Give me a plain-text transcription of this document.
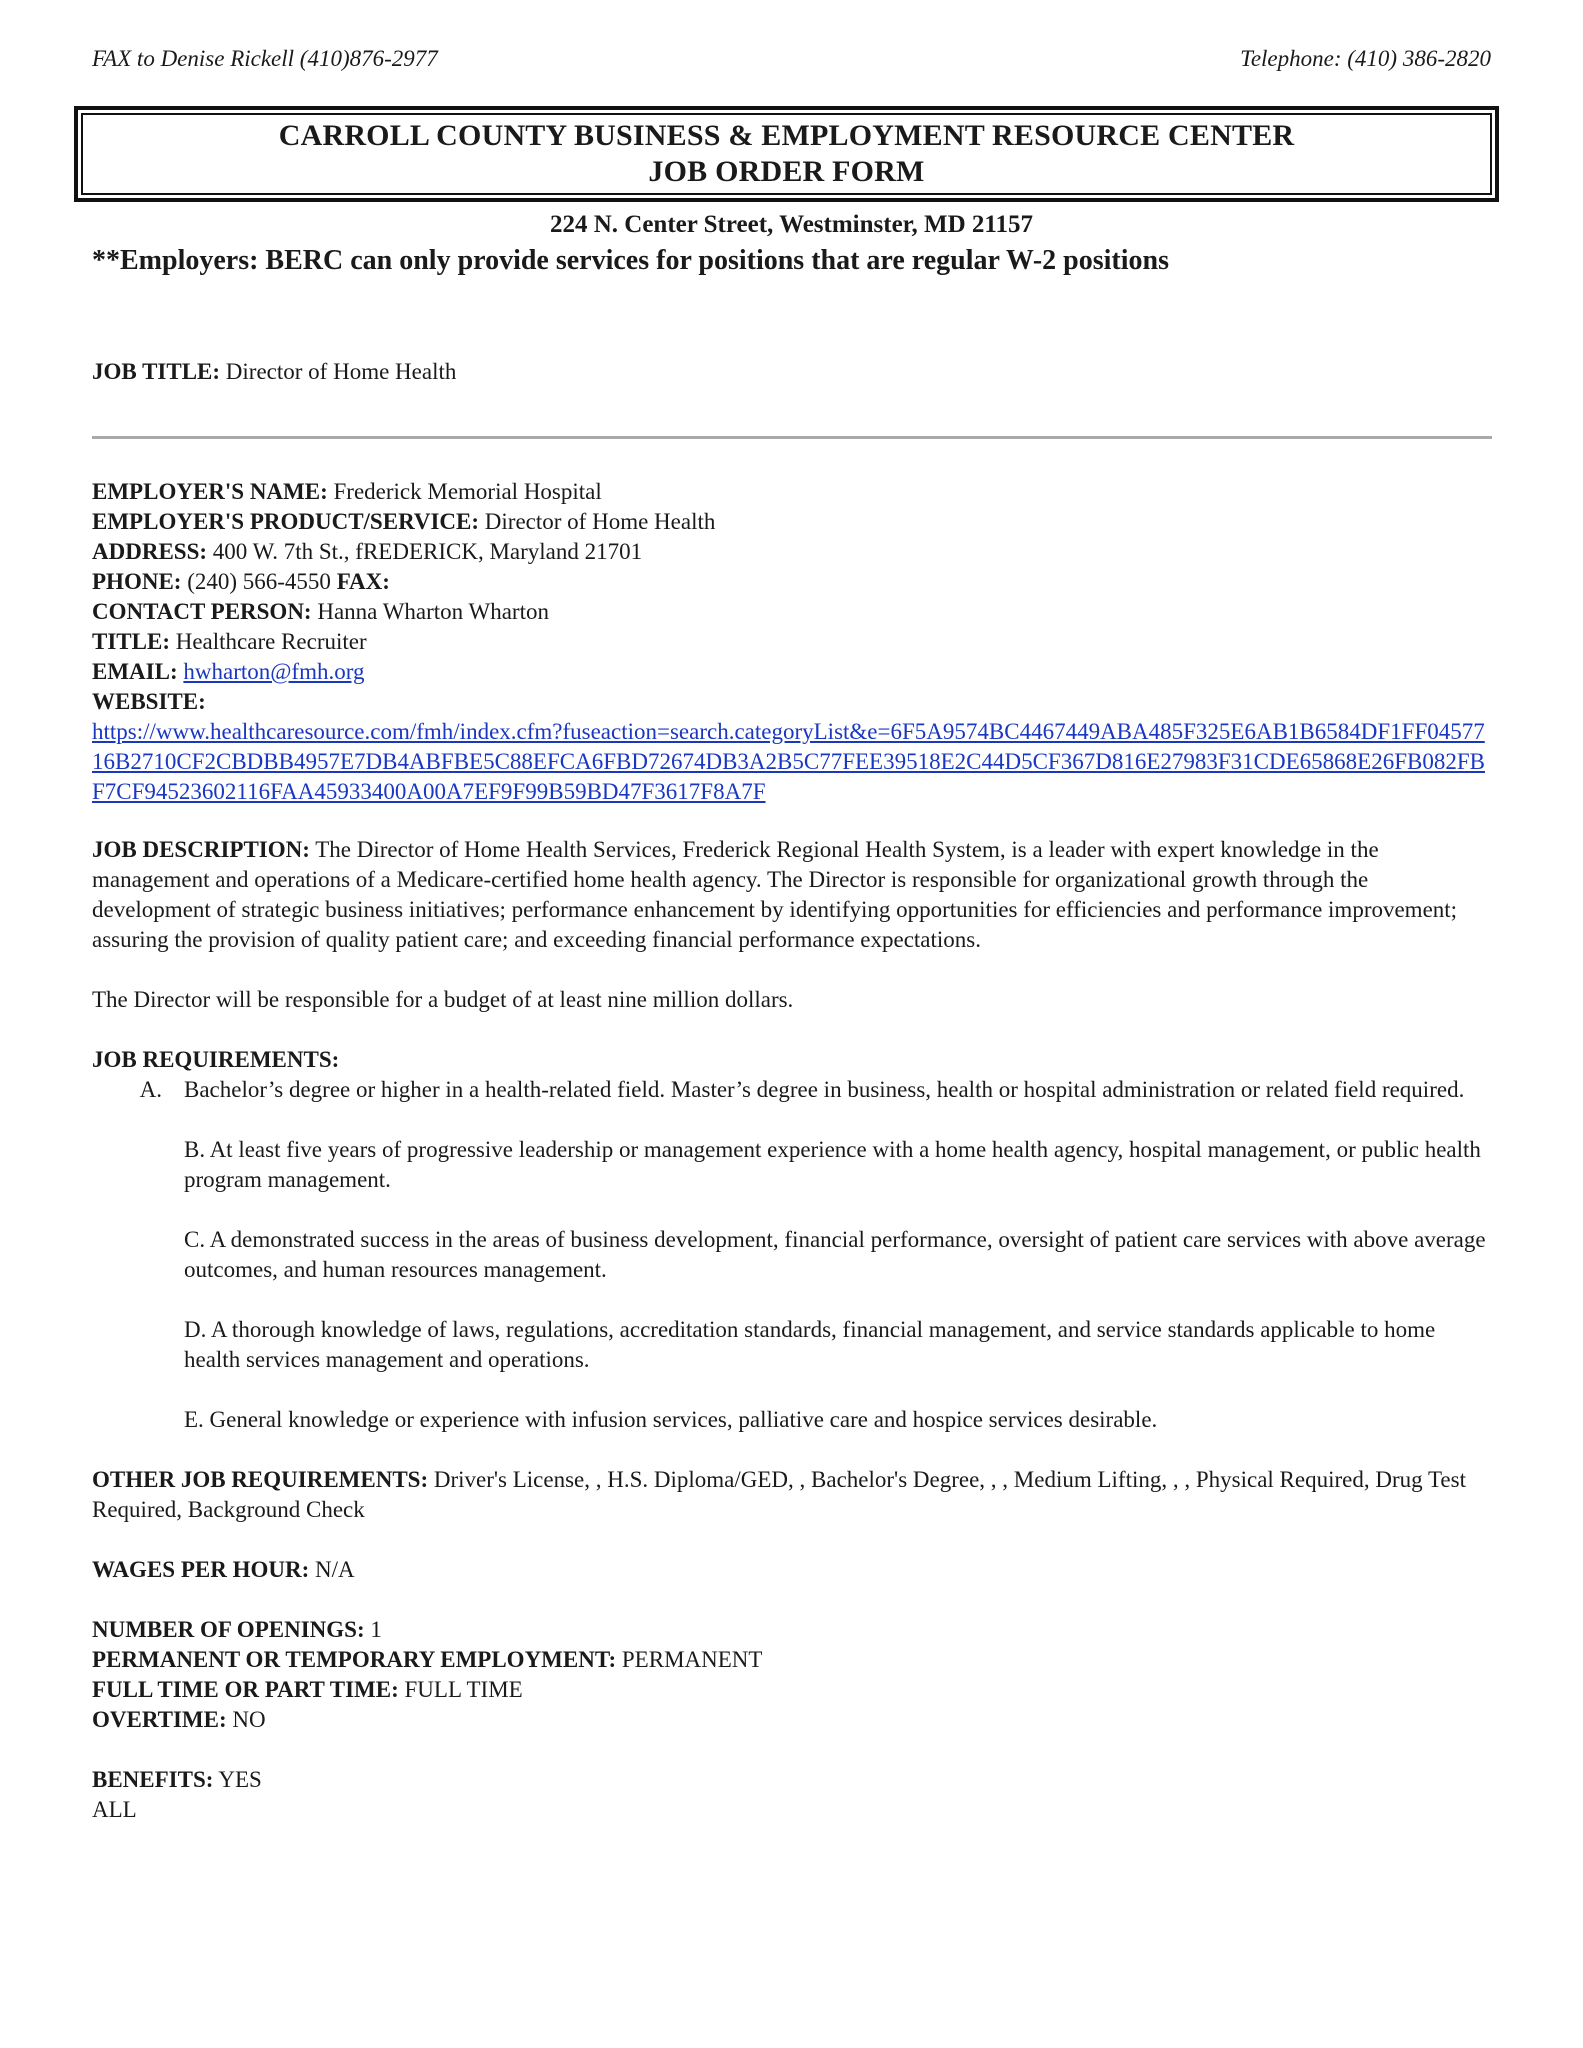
FAX to Denise Rickell (410)876-2977	Telephone: (410) 386-2820
CARROLL COUNTY BUSINESS & EMPLOYMENT RESOURCE CENTER
JOB ORDER FORM
224 N. Center Street, Westminster, MD 21157
**Employers: BERC can only provide services for positions that are regular W-2 positions
JOB TITLE: Director of Home Health
EMPLOYER'S NAME: Frederick Memorial Hospital
EMPLOYER'S PRODUCT/SERVICE: Director of Home Health
ADDRESS: 400 W. 7th St., fREDERICK, Maryland 21701
PHONE: (240) 566-4550 FAX:
CONTACT PERSON: Hanna Wharton Wharton
TITLE: Healthcare Recruiter
EMAIL: hwharton@fmh.org
WEBSITE:
https://www.healthcaresource.com/fmh/index.cfm?fuseaction=search.categoryList&e=6F5A9574BC4467449ABA485F325E6AB1B6584DF1FF0457716B2710CF2CBDBB4957E7DB4ABFBE5C88EFCA6FBD72674DB3A2B5C77FEE39518E2C44D5CF367D816E27983F31CDE65868E26FB082FBF7CF94523602116FAA45933400A00A7EF9F99B59BD47F3617F8A7F

JOB DESCRIPTION: The Director of Home Health Services, Frederick Regional Health System, is a leader with expert knowledge in the management and operations of a Medicare-certified home health agency. The Director is responsible for organizational growth through the development of strategic business initiatives; performance enhancement by identifying opportunities for efficiencies and performance improvement; assuring the provision of quality patient care; and exceeding financial performance expectations.

The Director will be responsible for a budget of at least nine million dollars.

JOB REQUIREMENTS:
A. Bachelor’s degree or higher in a health-related field. Master’s degree in business, health or hospital administration or related field required.
B. At least five years of progressive leadership or management experience with a home health agency, hospital management, or public health program management.
C. A demonstrated success in the areas of business development, financial performance, oversight of patient care services with above average outcomes, and human resources management.
D. A thorough knowledge of laws, regulations, accreditation standards, financial management, and service standards applicable to home health services management and operations.
E. General knowledge or experience with infusion services, palliative care and hospice services desirable.

OTHER JOB REQUIREMENTS: Driver's License, , H.S. Diploma/GED, , Bachelor's Degree, , , Medium Lifting, , , Physical Required, Drug Test Required, Background Check

WAGES PER HOUR: N/A
NUMBER OF OPENINGS: 1
PERMANENT OR TEMPORARY EMPLOYMENT: PERMANENT
FULL TIME OR PART TIME: FULL TIME
OVERTIME: NO
BENEFITS: YES
ALL
